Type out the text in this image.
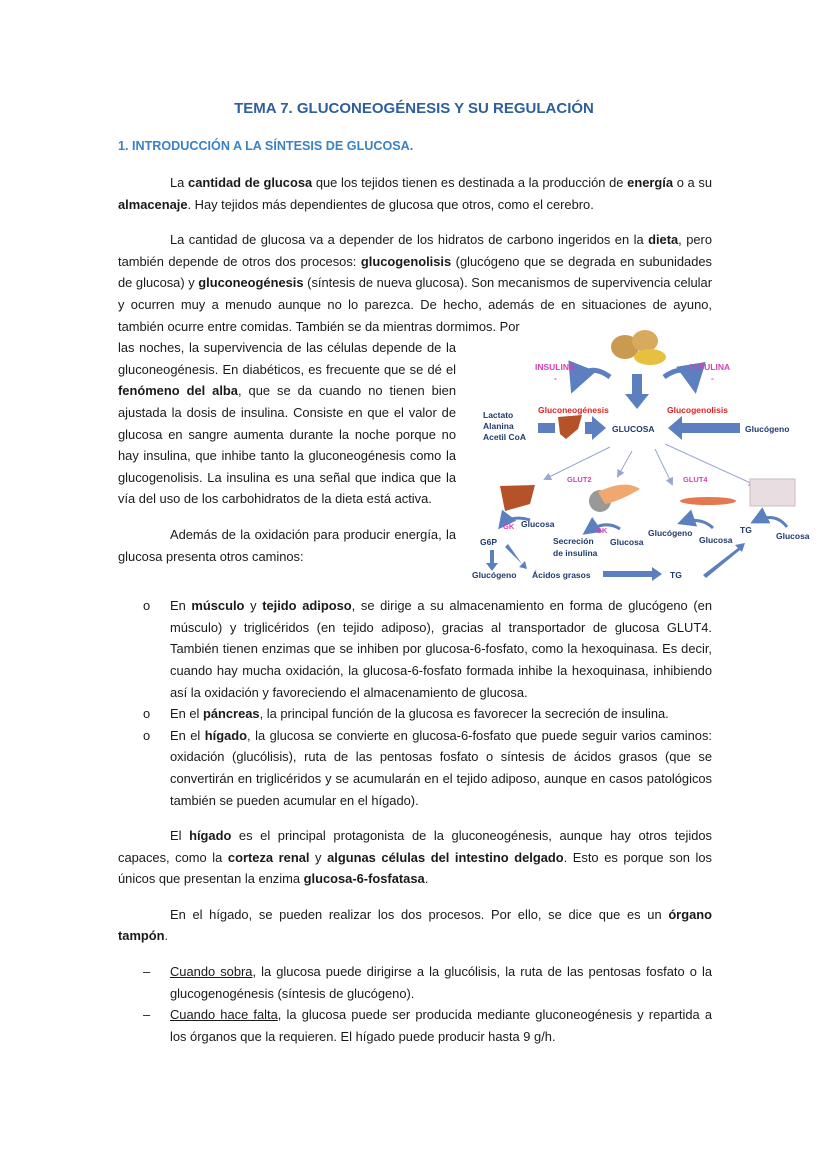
TEMA 7. GLUCONEOGÉNESIS Y SU REGULACIÓN
1. INTRODUCCIÓN A LA SÍNTESIS DE GLUCOSA.

La cantidad de glucosa que los tejidos tienen es destinada a la producción de energía o a su almacenaje. Hay tejidos más dependientes de glucosa que otros, como el cerebro.

La cantidad de glucosa va a depender de los hidratos de carbono ingeridos en la dieta, pero también depende de otros dos procesos: glucogenolisis (glucógeno que se degrada en subunidades de glucosa) y gluconeogénesis (síntesis de nueva glucosa). Son mecanismos de supervivencia celular y ocurren muy a menudo aunque no lo parezca. De hecho, además de en situaciones de ayuno, también ocurre entre comidas. También se da mientras dormimos. Por

las noches, la supervivencia de las células depende de la gluconeogénesis. En diabéticos, es frecuente que se dé el fenómeno del alba, que se da cuando no tienen bien ajustada la dosis de insulina. Consiste en que el valor de glucosa en sangre aumenta durante la noche porque no hay insulina, que inhibe tanto la gluconeogénesis como la glucogenolisis. La insulina es una señal que indica que la vía del uso de los carbohidratos de la dieta está activa.

Además de la oxidación para producir energía, la glucosa presenta otros caminos:

INSULINA
-
INSULINA
-
Gluconeogénesis	Glucogenolisis
Lactato
Alanina
Acetil CoA
GLUCOSA	Glucógeno
GLUT2	GLUT4
GK Glucosa
G6P	Secreción
de insulina
GK
Glucosa
Glucógeno
Glucosa
TG
Glucosa
Glucógeno Ácidos grasos	TG
o En músculo y tejido adiposo, se dirige a su almacenamiento en forma de glucógeno (en músculo) y triglicéridos (en tejido adiposo), gracias al transportador de glucosa GLUT4. También tienen enzimas que se inhiben por glucosa-6-fosfato, como la hexoquinasa. Es decir, cuando hay mucha oxidación, la glucosa-6-fosfato formada inhibe la hexoquinasa, inhibiendo así la oxidación y favoreciendo el almacenamiento de glucosa.
o En el páncreas, la principal función de la glucosa es favorecer la secreción de insulina.
o En el hígado, la glucosa se convierte en glucosa-6-fosfato que puede seguir varios caminos: oxidación (glucólisis), ruta de las pentosas fosfato o síntesis de ácidos grasos (que se convertirán en triglicéridos y se acumularán en el tejido adiposo, aunque en casos patológicos también se pueden acumular en el hígado).

El hígado es el principal protagonista de la gluconeogénesis, aunque hay otros tejidos capaces, como la corteza renal y algunas células del intestino delgado. Esto es porque son los únicos que presentan la enzima glucosa-6-fosfatasa.

En el hígado, se pueden realizar los dos procesos. Por ello, se dice que es un órgano tampón.

– Cuando sobra, la glucosa puede dirigirse a la glucólisis, la ruta de las pentosas fosfato o la glucogenogénesis (síntesis de glucógeno).
– Cuando hace falta, la glucosa puede ser producida mediante gluconeogénesis y repartida a los órganos que la requieren. El hígado puede producir hasta 9 g/h.
